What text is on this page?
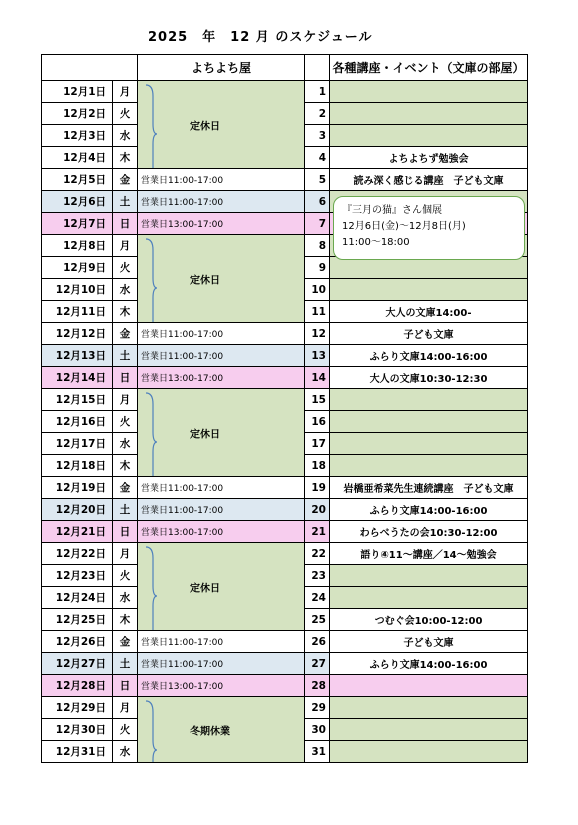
2025　年　12 月 のスケジュール
		よちよち屋		各種講座・イベント（文庫の部屋）
12月1日	月	定休日	1	
12月2日	火		2	
12月3日	水		3	
12月4日	木		4	よちよちず勉強会
12月5日	金	営業日11:00-17:00	5	読み深く感じる講座　子ども文庫
12月6日	土	営業日11:00-17:00	6	
12月7日	日	営業日13:00-17:00	7	
12月8日	月	定休日	8	
12月9日	火		9	
12月10日	水		10	
12月11日	木		11	大人の文庫14:00-
12月12日	金	営業日11:00-17:00	12	子ども文庫
12月13日	土	営業日11:00-17:00	13	ふらり文庫14:00-16:00
12月14日	日	営業日13:00-17:00	14	大人の文庫10:30-12:30
12月15日	月	定休日	15	
12月16日	火		16	
12月17日	水		17	
12月18日	木		18	
12月19日	金	営業日11:00-17:00	19	岩橋亜希菜先生連続講座　子ども文庫
12月20日	土	営業日11:00-17:00	20	ふらり文庫14:00-16:00
12月21日	日	営業日13:00-17:00	21	わらべうたの会10:30-12:00
12月22日	月	定休日	22	語り④11～講座／14～勉強会
12月23日	火		23	
12月24日	水		24	
12月25日	木		25	つむぐ会10:00-12:00
12月26日	金	営業日11:00-17:00	26	子ども文庫
12月27日	土	営業日11:00-17:00	27	ふらり文庫14:00-16:00
12月28日	日	営業日13:00-17:00	28	
12月29日	月	冬期休業	29	
12月30日	火		30	
12月31日	水		31	
『三月の猫』さん個展
12月6日(金)～12月8日(月)
11:00～18:00
